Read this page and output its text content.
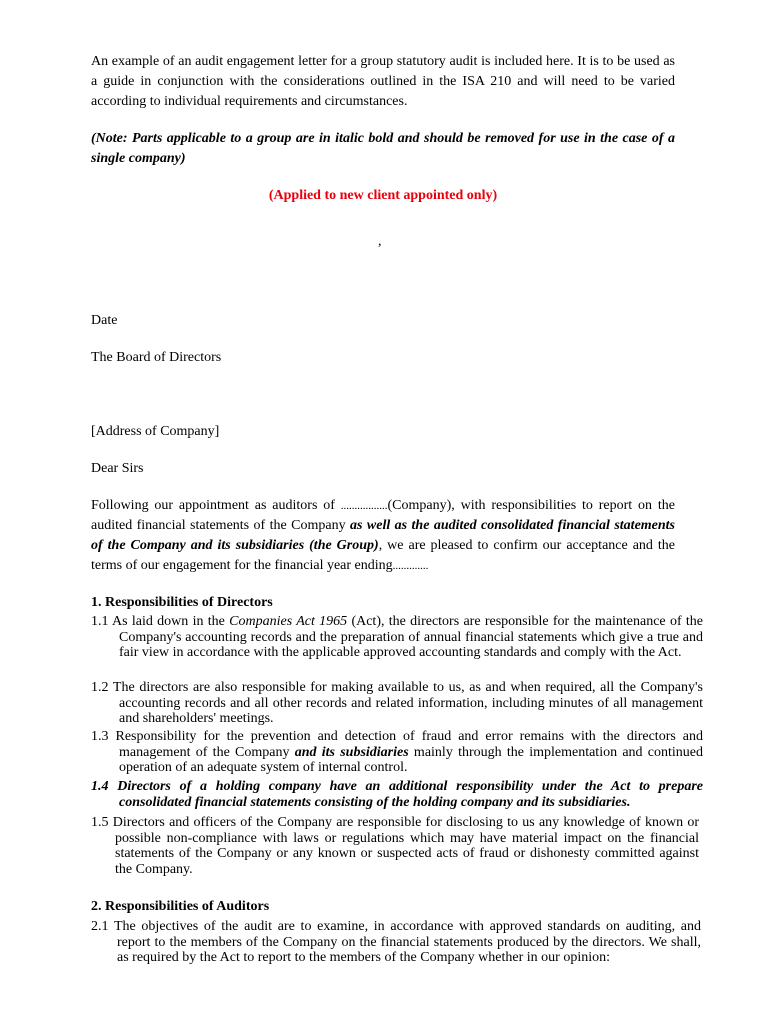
An example of an audit engagement letter for a group statutory audit is included here. It is to be used as a guide in conjunction with the considerations outlined in the ISA 210 and will need to be varied according to individual requirements and circumstances.

(Note: Parts applicable to a group are in italic bold and should be removed for use in the case of a single company)

(Applied to new client appointed only)

,

Date

The Board of Directors

[Address of Company]

Dear Sirs

Following our appointment as auditors of .................(Company), with responsibilities to report on the audited financial statements of the Company as well as the audited consolidated financial statements of the Company and its subsidiaries (the Group), we are pleased to confirm our acceptance and the terms of our engagement for the financial year ending.............

1. Responsibilities of Directors

1.1 As laid down in the Companies Act 1965 (Act), the directors are responsible for the maintenance of the Company's accounting records and the preparation of annual financial statements which give a true and fair view in accordance with the applicable approved accounting standards and comply with the Act.

1.2 The directors are also responsible for making available to us, as and when required, all the Company's accounting records and all other records and related information, including minutes of all management and shareholders' meetings.

1.3 Responsibility for the prevention and detection of fraud and error remains with the directors and management of the Company and its subsidiaries mainly through the implementation and continued operation of an adequate system of internal control.

1.4 Directors of a holding company have an additional responsibility under the Act to prepare consolidated financial statements consisting of the holding company and its subsidiaries.

1.5 Directors and officers of the Company are responsible for disclosing to us any knowledge of known or possible non-compliance with laws or regulations which may have material impact on the financial statements of the Company or any known or suspected acts of fraud or dishonesty committed against the Company.

2. Responsibilities of Auditors

2.1 The objectives of the audit are to examine, in accordance with approved standards on auditing, and report to the members of the Company on the financial statements produced by the directors. We shall, as required by the Act to report to the members of the Company whether in our opinion:
